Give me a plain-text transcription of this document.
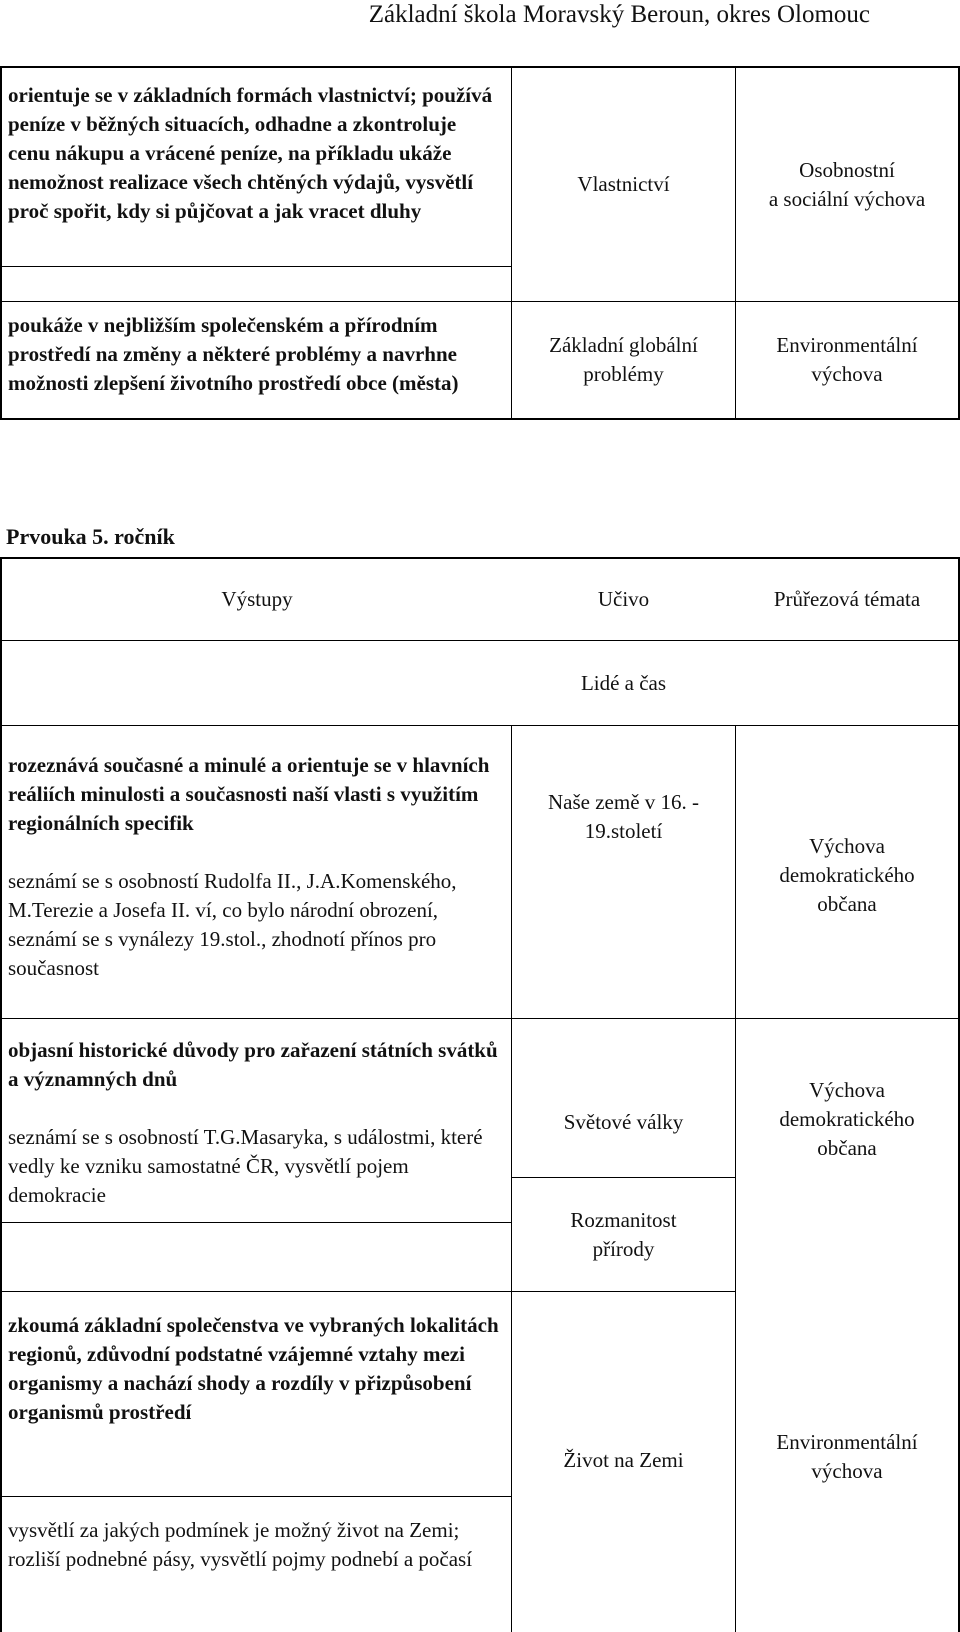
Základní škola Moravský Beroun, okres Olomouc

orientuje se v základních formách vlastnictví; používá peníze v běžných situacích, odhadne a zkontroluje cenu nákupu a vrácené peníze, na příkladu ukáže nemožnost realizace všech chtěných výdajů, vysvětlí proč spořit, kdy si půjčovat a jak vracet dluhy

Vlastnictví
Osobnostní
a sociální výchova

poukáže v nejbližším společenském a přírodním prostředí na změny a některé problémy a navrhne možnosti zlepšení životního prostředí obce (města)

Základní globální
problémy
Environmentální
výchova
Prvouka 5. ročník
Výstupy	Učivo	Průřezová témata
Lidé a čas

rozeznává současné a minulé a orientuje se v hlavních reáliích minulosti a současnosti naší vlasti s využitím regionálních specifik

seznámí se s osobností Rudolfa II., J.A.Komenského, M.Terezie a Josefa II. ví, co bylo národní obrození, seznámí se s vynálezy 19.stol., zhodnotí přínos pro současnost

Naše země v 16. -
19.století
Výchova
demokratického
občana

objasní historické důvody pro zařazení státních svátků a významných dnů

seznámí se s osobností T.G.Masaryka, s událostmi, které vedly ke vzniku samostatné ČR, vysvětlí pojem demokracie

Světové války
Výchova
demokratického
občana
Rozmanitost
přírody

zkoumá základní společenstva ve vybraných lokalitách regionů, zdůvodní podstatné vzájemné vztahy mezi organismy a nachází shody a rozdíly v přizpůsobení organismů prostředí

vysvětlí za jakých podmínek je možný život na Zemi; rozliší podnebné pásy, vysvětlí pojmy podnebí a počasí

Život na Zemi
Environmentální
výchova
